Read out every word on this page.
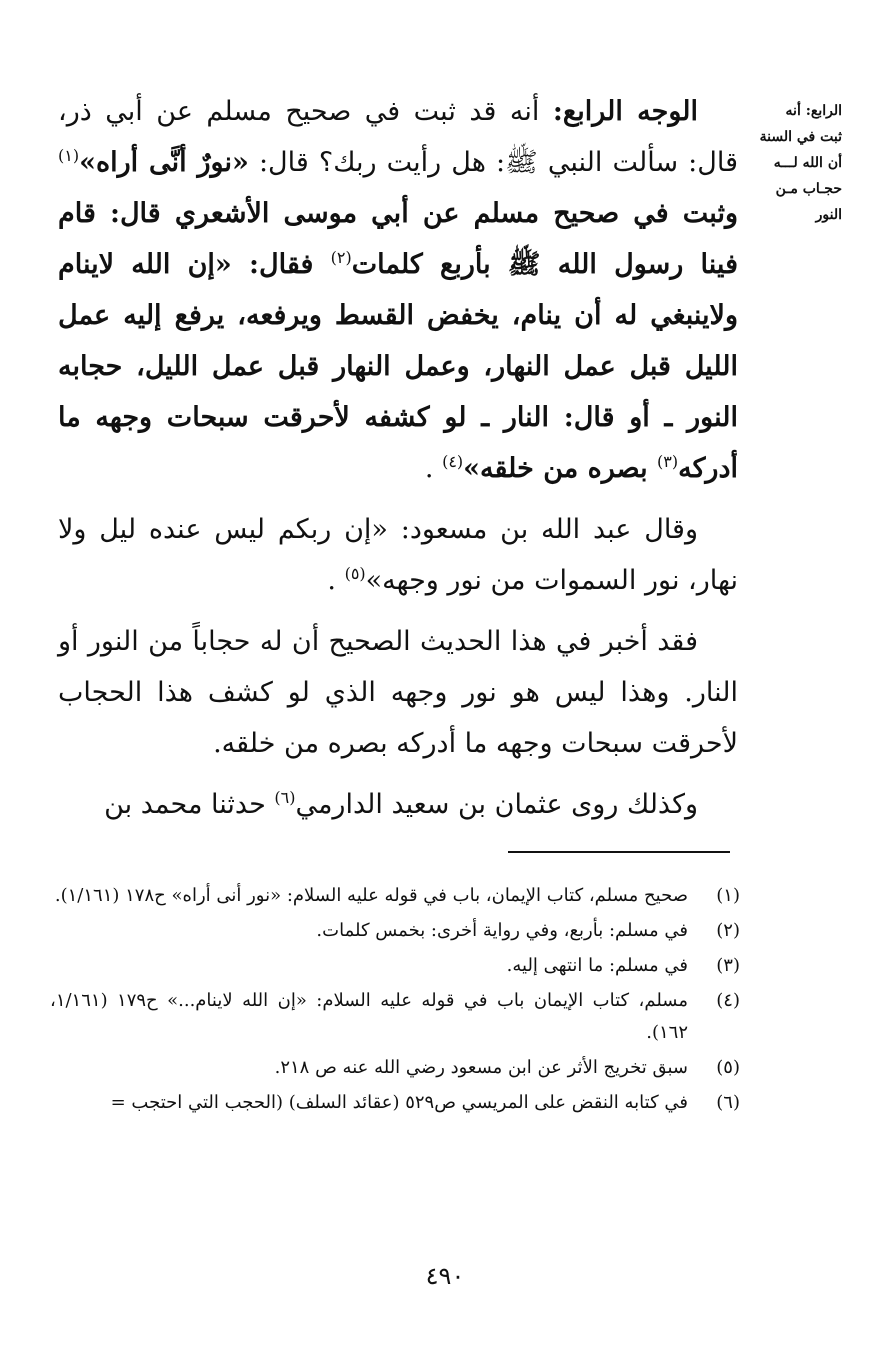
الرابع: أنه
ثبت في السنة
أن الله لـــه
حجـاب مـن
النور

الوجه الرابع: أنه قد ثبت في صحيح مسلم عن أبي ذر، قال: سألت النبي ﷺ: هل رأيت ربك؟ قال: «نورٌ أنَّى أراه»$^{(١)}$ وثبت في صحيح مسلم عن أبي موسى الأشعري قال: قام فينا رسول الله ﷺ بأربع كلمات$^{(٢)}$ فقال: «إن الله لاينام ولاينبغي له أن ينام، يخفض القسط ويرفعه، يرفع إليه عمل الليل قبل عمل النهار، وعمل النهار قبل عمل الليل، حجابه النور ـ أو قال: النار ـ لو كشفه لأحرقت سبحات وجهه ما أدركه$^{(٣)}$ بصره من خلقه»$^{(٤)}$ .

وقال عبد الله بن مسعود: «إن ربكم ليس عنده ليل ولا نهار، نور السموات من نور وجهه»$^{(٥)}$ .

فقد أخبر في هذا الحديث الصحيح أن له حجاباً من النور أو النار. وهذا ليس هو نور وجهه الذي لو كشف هذا الحجاب لأحرقت سبحات وجهه ما أدركه بصره من خلقه.

وكذلك روى عثمان بن سعيد الدارمي$^{(٦)}$ حدثنا محمد بن

(١)
صحيح مسلم، كتاب الإيمان، باب في قوله عليه السلام: «نور أنى أراه» ح١٧٨ (١/١٦١).
(٢)
في مسلم: بأربع، وفي رواية أخرى: بخمس كلمات.
(٣)
في مسلم: ما انتهى إليه.
(٤)
مسلم، كتاب الإيمان باب في قوله عليه السلام: «إن الله لاينام...» ح١٧٩ (١/١٦١، ١٦٢).
(٥)
سبق تخريج الأثر عن ابن مسعود رضي الله عنه ص ٢١٨.
(٦)
في كتابه النقض على المريسي ص٥٢٩ (عقائد السلف) (الحجب التي احتجب =
٤٩٠
